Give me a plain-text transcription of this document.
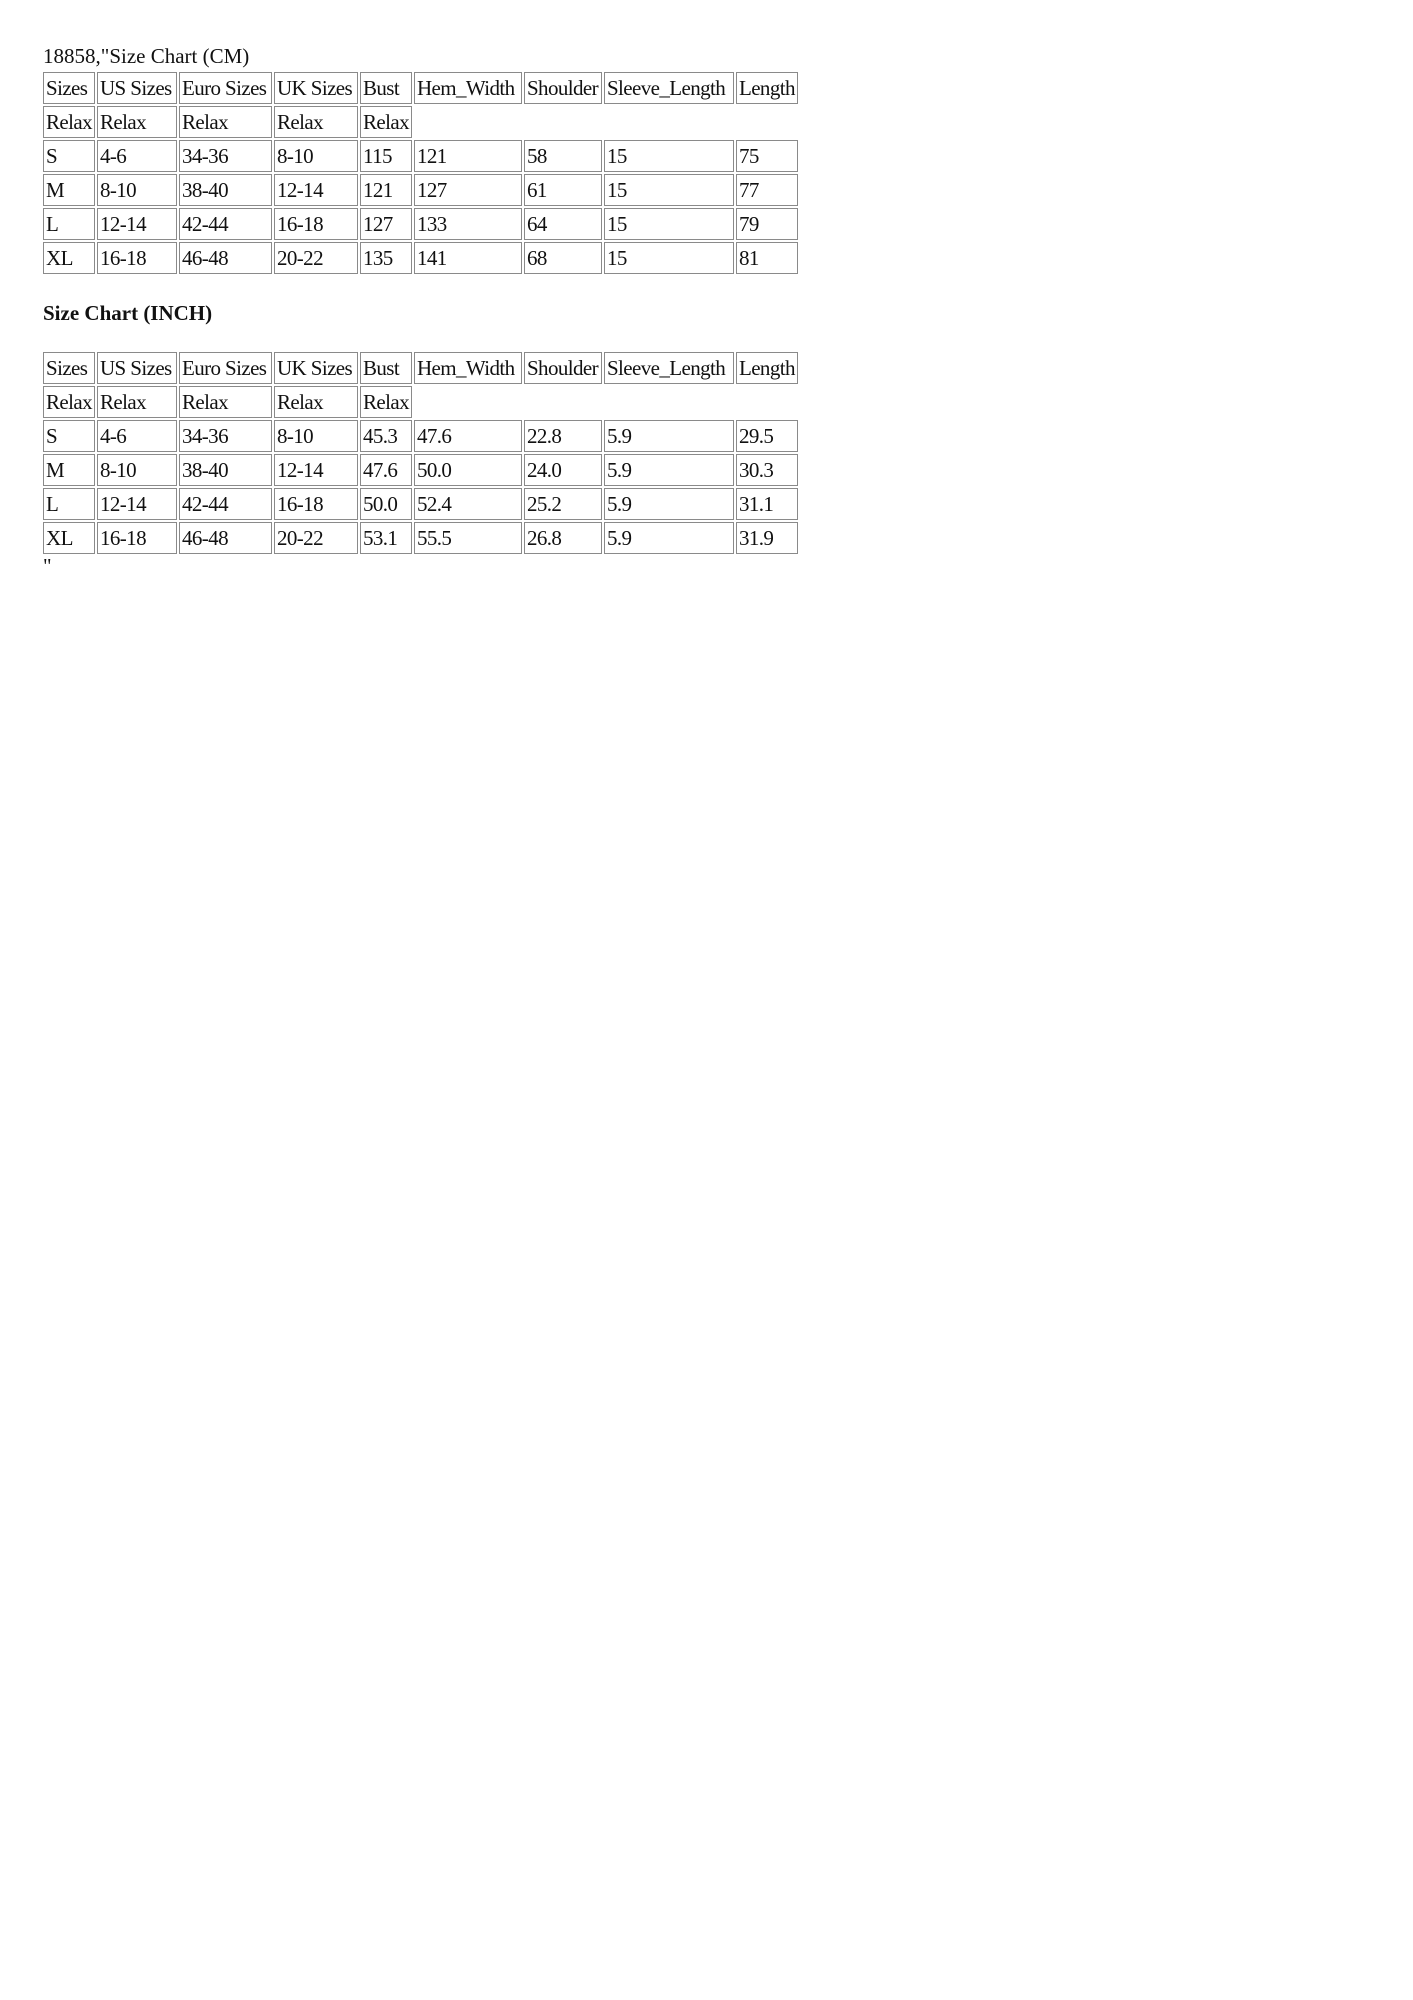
18858,"Size Chart (CM)
Sizes	US Sizes	Euro Sizes	UK Sizes	Bust	Hem_Width	Shoulder	Sleeve_Length	Length
Relax	Relax	Relax	Relax	Relax				
S	4-6	34-36	8-10	115	121	58	15	75
M	8-10	38-40	12-14	121	127	61	15	77
L	12-14	42-44	16-18	127	133	64	15	79
XL	16-18	46-48	20-22	135	141	68	15	81
Size Chart (INCH)
Sizes	US Sizes	Euro Sizes	UK Sizes	Bust	Hem_Width	Shoulder	Sleeve_Length	Length
Relax	Relax	Relax	Relax	Relax				
S	4-6	34-36	8-10	45.3	47.6	22.8	5.9	29.5
M	8-10	38-40	12-14	47.6	50.0	24.0	5.9	30.3
L	12-14	42-44	16-18	50.0	52.4	25.2	5.9	31.1
XL	16-18	46-48	20-22	53.1	55.5	26.8	5.9	31.9
"
